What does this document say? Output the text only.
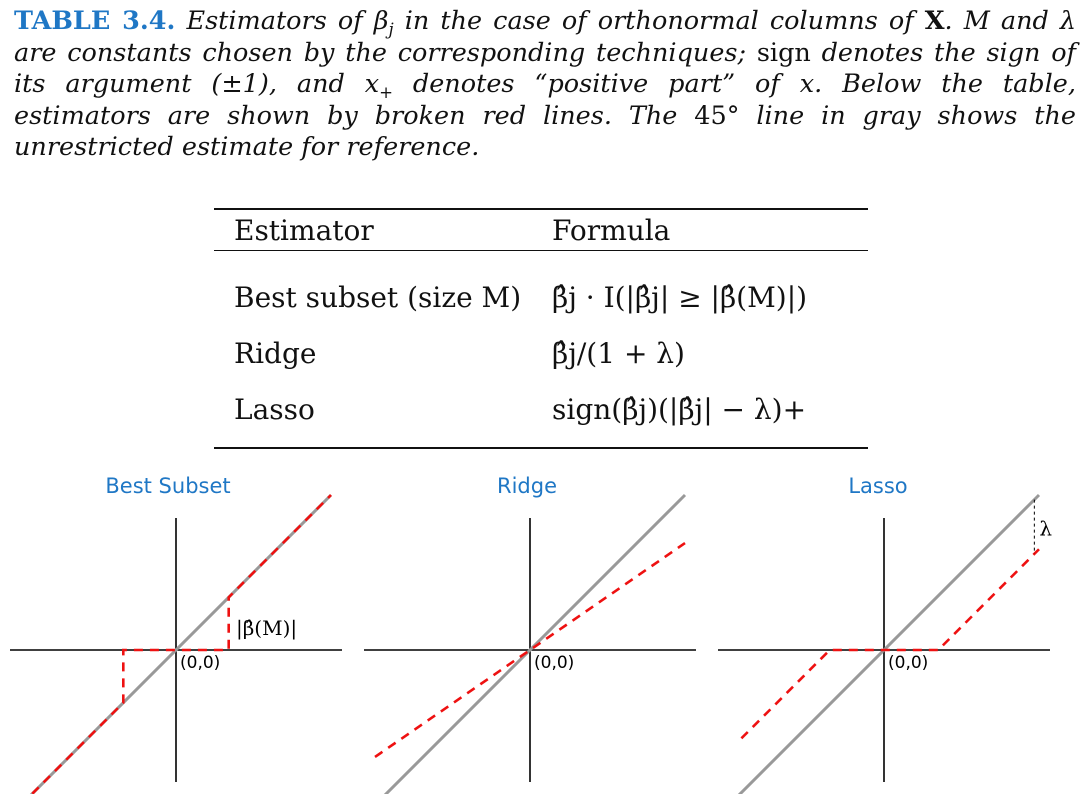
TABLE 3.4. Estimators of $\beta_j$ in the case of orthonormal columns of X. M and λ are constants chosen by the corresponding techniques; sign denotes the sign of its argument (±1), and $x_+$ denotes “positive part” of x. Below the table, estimators are shown by broken red lines. The 45° line in gray shows the unrestricted estimate for reference.
Estimator	Formula
Best subset (size M)	β̂j · I(|β̂j| ≥ |β̂(M)|)
Ridge	β̂j/(1 + λ)
Lasso	sign(β̂j)(|β̂j| − λ)+
Best Subset	Ridge	Lasso
(0,0)
|β̂(M)|
(0,0)	(0,0)
λ
